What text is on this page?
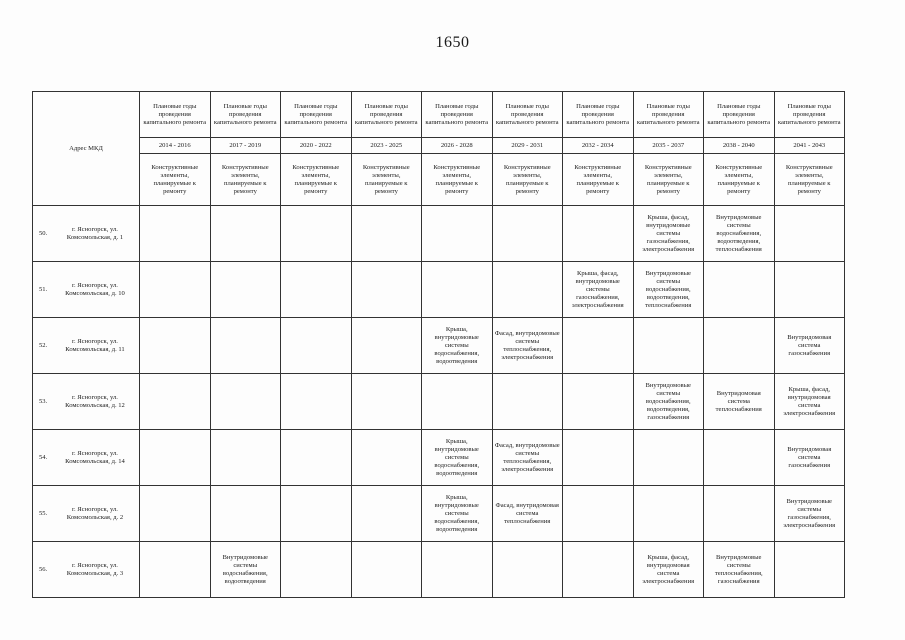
1650
Адрес МКД	Плановые годы проведения капитального ремонта	Плановые годы проведения капитального ремонта	Плановые годы проведения капитального ремонта	Плановые годы проведения капитального ремонта	Плановые годы проведения капитального ремонта	Плановые годы проведения капитального ремонта	Плановые годы проведения капитального ремонта	Плановые годы проведения капитального ремонта	Плановые годы проведения капитального ремонта	Плановые годы проведения капитального ремонта
	2014 - 2016	2017 - 2019	2020 - 2022	2023 - 2025	2026 - 2028	2029 - 2031	2032 - 2034	2035 - 2037	2038 - 2040	2041 - 2043
	Конструктивные элементы, планируемые к ремонту	Конструктивные элементы, планируемые к ремонту	Конструктивные элементы, планируемые к ремонту	Конструктивные элементы, планируемые к ремонту	Конструктивные элементы, планируемые к ремонту	Конструктивные элементы, планируемые к ремонту	Конструктивные элементы, планируемые к ремонту	Конструктивные элементы, планируемые к ремонту	Конструктивные элементы, планируемые к ремонту	Конструктивные элементы, планируемые к ремонту

50.
г. Ясногорск, ул. Комсомольская, д. 1								Крыша, фасад, внутридомовые системы газоснабжения, электроснабжения	Внутридомовые системы водоснабжения, водоотведения, теплоснабжения	

51.
г. Ясногорск, ул. Комсомольская, д. 10							Крыша, фасад, внутридомовые системы газоснабжения, электроснабжения	Внутридомовые системы водоснабжения, водоотведения, теплоснабжения		

52.
г. Ясногорск, ул. Комсомольская, д. 11					Крыша, внутридомовые системы водоснабжения, водоотведения	Фасад, внутридомовые системы теплоснабжения, электроснабжения				Внутридомовая система газоснабжения

53.
г. Ясногорск, ул. Комсомольская, д. 12								Внутридомовые системы водоснабжения, водоотведения, газоснабжения	Внутридомовая система теплоснабжения	Крыша, фасад, внутридомовая система электроснабжения

54.
г. Ясногорск, ул. Комсомольская, д. 14					Крыша, внутридомовые системы водоснабжения, водоотведения	Фасад, внутридомовые системы теплоснабжения, электроснабжения				Внутридомовая система газоснабжения

55.
г. Ясногорск, ул. Комсомольская, д. 2					Крыша, внутридомовые системы водоснабжения, водоотведения	Фасад, внутридомовая система теплоснабжения				Внутридомовые системы газоснабжения, электроснабжения

56.
г. Ясногорск, ул. Комсомольская, д. 3		Внутридомовые системы водоснабжения, водоотведения						Крыша, фасад, внутридомовая система электроснабжения	Внутридомовые системы теплоснабжения, газоснабжения	
